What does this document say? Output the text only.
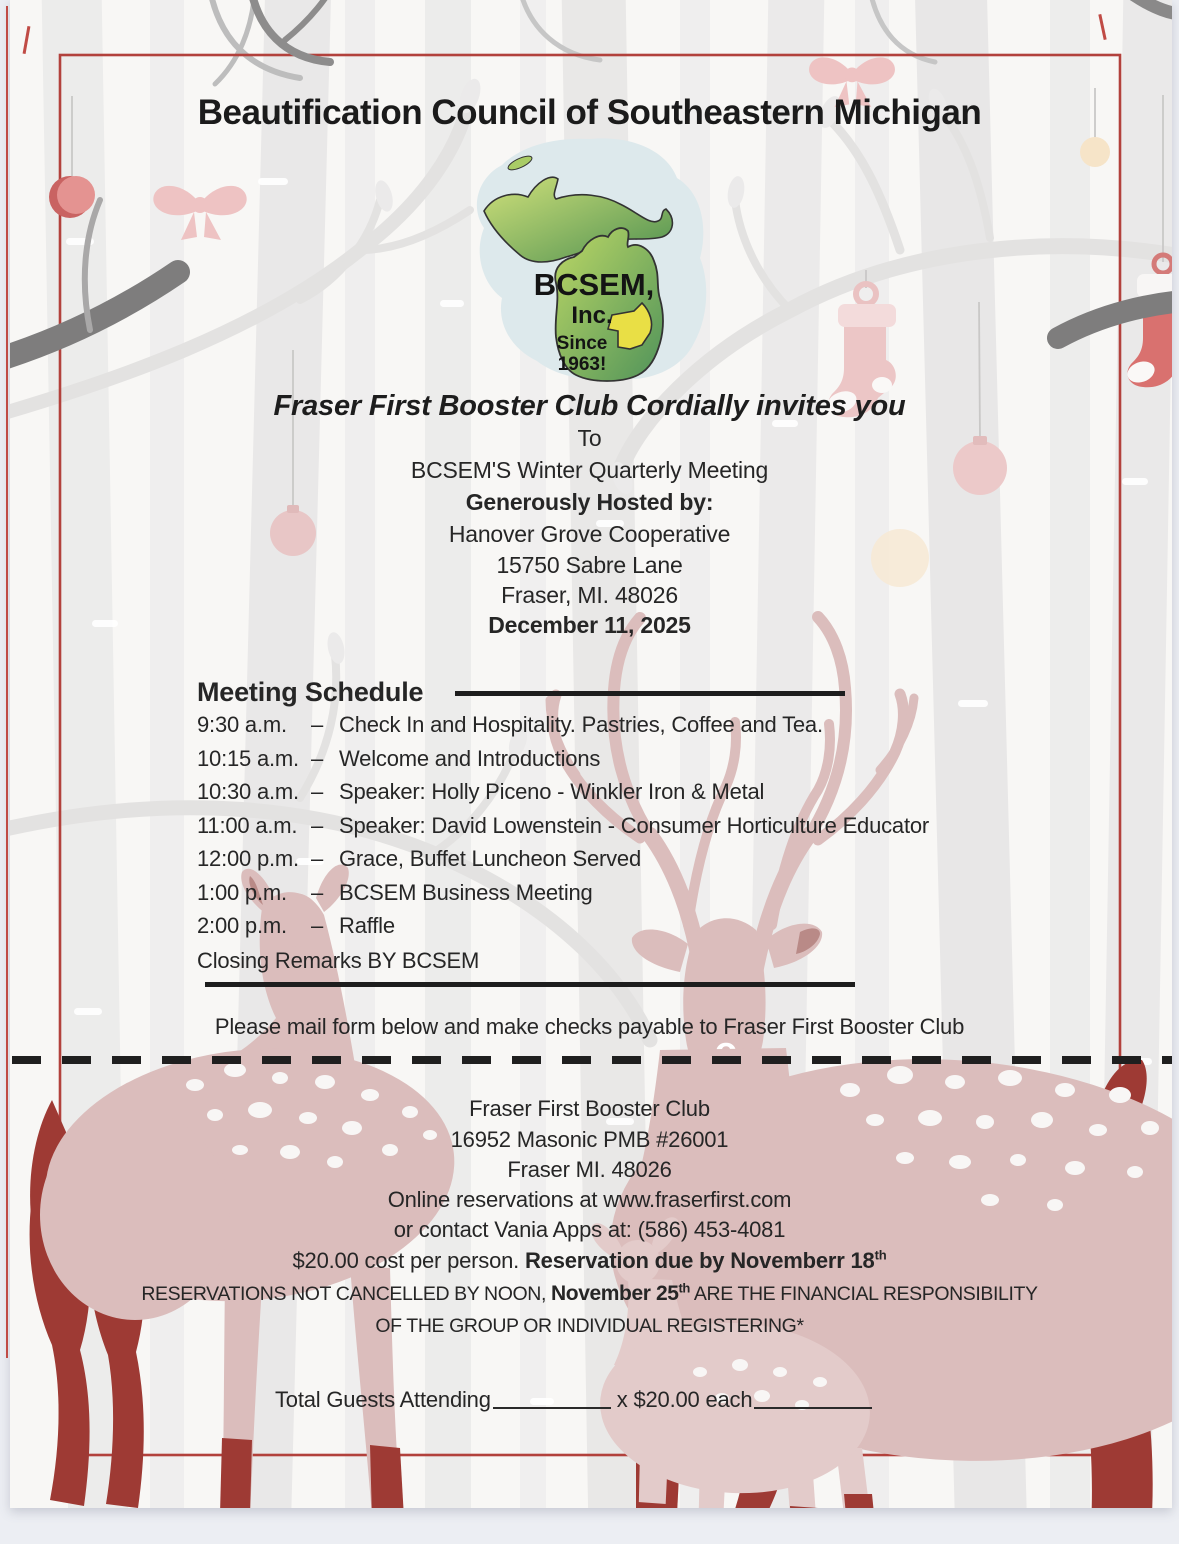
Beautification Council of Southeastern Michigan
BCSEM,
Inc.
Since
1963!
Fraser First Booster Club Cordially invites you
To
BCSEM'S Winter Quarterly Meeting
Generously Hosted by:
Hanover Grove Cooperative
15750 Sabre Lane
Fraser, MI. 48026
December 11, 2025
Meeting Schedule
9:30 a.m.	– Check In and Hospitality. Pastries, Coffee and Tea.
10:15 a.m. – Welcome and Introductions
10:30 a.m. – Speaker: Holly Piceno - Winkler Iron & Metal
11:00 a.m. – Speaker: David Lowenstein - Consumer Horticulture Educator
12:00 p.m. – Grace, Buffet Luncheon Served
1:00 p.m.	– BCSEM Business Meeting
2:00 p.m.	– Raffle
Closing Remarks BY BCSEM
Please mail form below and make checks payable to Fraser First Booster Club
Fraser First Booster Club
16952 Masonic PMB #26001
Fraser MI. 48026
Online reservations at www.fraserfirst.com
or contact Vania Apps at: (586) 453-4081
$20.00 cost per person. Reservation due by Novemberr 18th
RESERVATIONS NOT CANCELLED BY NOON, November 25th ARE THE FINANCIAL RESPONSIBILITY
OF THE GROUP OR INDIVIDUAL REGISTERING*
Total Guests Attending	x $20.00 each
